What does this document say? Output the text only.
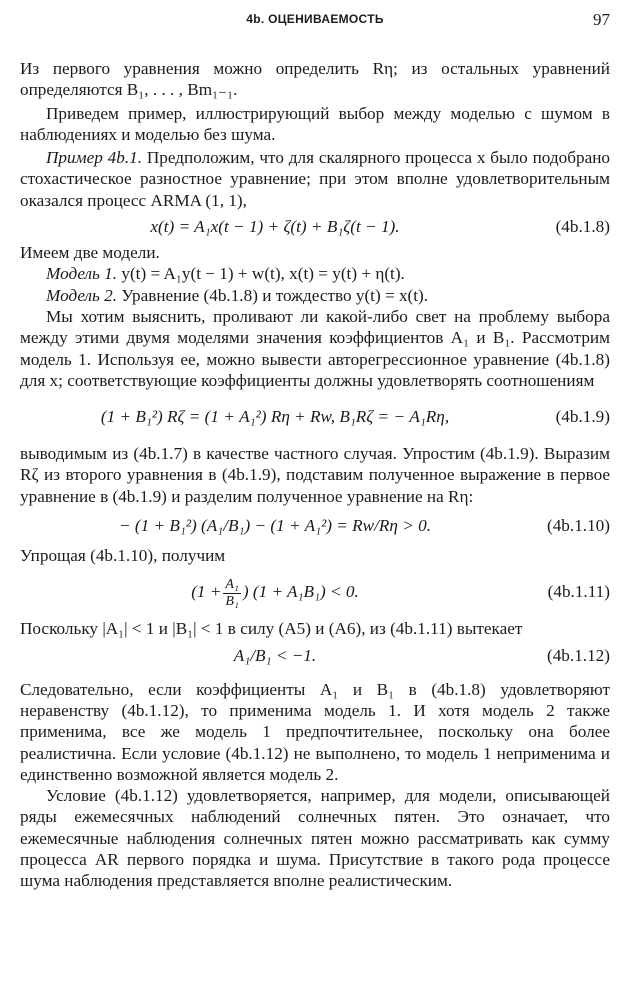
4b. ОЦЕНИВАЕМОСТЬ	97

Из первого уравнения можно определить Rη; из остальных уравнений определяются B₁, . . . , Bm₁₋₁.

Приведем пример, иллюстрирующий выбор между моделью с шумом в наблюдениях и моделью без шума.

Пример 4b.1. Предположим, что для скалярного процесса x было подобрано стохастическое разностное уравнение; при этом вполне удовлетворительным оказался процесс ARMA (1, 1),

x(t) = A₁x(t − 1) + ζ(t) + B₁ζ(t − 1).	(4b.1.8)

Имеем две модели.

Модель 1. y(t) = A₁y(t − 1) + w(t), x(t) = y(t) + η(t).

Модель 2. Уравнение (4b.1.8) и тождество y(t) = x(t).

Мы хотим выяснить, проливают ли какой-либо свет на проблему выбора между этими двумя моделями значения коэффициентов A₁ и B₁. Рассмотрим модель 1. Используя ее, можно вывести авторегрессионное уравнение (4b.1.8) для x; соответствующие коэффициенты должны удовлетворять соотношениям

(1 + B₁²) Rζ = (1 + A₁²) Rη + Rw, B₁Rζ = − A₁Rη,	(4b.1.9)

выводимым из (4b.1.7) в качестве частного случая. Упростим (4b.1.9). Выразим Rζ из второго уравнения в (4b.1.9), подставим полученное выражение в первое уравнение в (4b.1.9) и разделим полученное уравнение на Rη:

− (1 + B₁²) (A₁/B₁) − (1 + A₁²) = Rw/Rη > 0.	(4b.1.10)

Упрощая (4b.1.10), получим

($1 + \frac{\text{A₁}}{\text{B₁}}$ ) (1 + A₁B₁) < 0.	(4b.1.11)

Поскольку |A₁| < 1 и |B₁| < 1 в силу (A5) и (A6), из (4b.1.11) вытекает

A₁/B₁ < −1.	(4b.1.12)

Следовательно, если коэффициенты A₁ и B₁ в (4b.1.8) удовлетворяют неравенству (4b.1.12), то применима модель 1. И хотя модель 2 также применима, все же модель 1 предпочтительнее, поскольку она более реалистична. Если условие (4b.1.12) не выполнено, то модель 1 неприменима и единственно возможной является модель 2.

Условие (4b.1.12) удовлетворяется, например, для модели, описывающей ряды ежемесячных наблюдений солнечных пятен. Это означает, что ежемесячные наблюдения солнечных пятен можно рассматривать как сумму процесса AR первого порядка и шума. Присутствие в такого рода процессе шума наблюдения представляется вполне реалистическим.
